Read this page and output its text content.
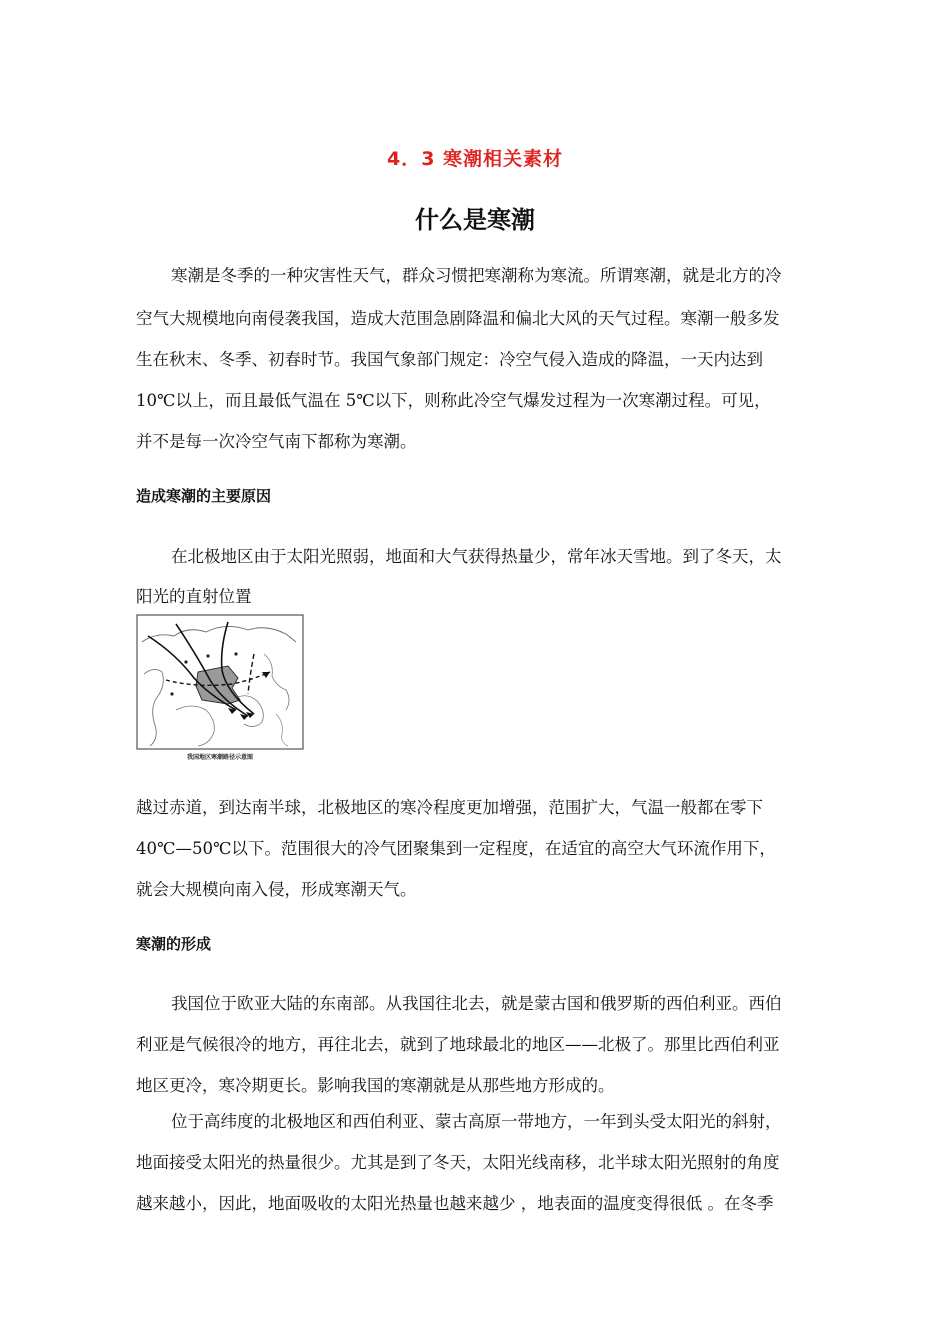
4．3 寒潮相关素材
什么是寒潮
寒潮是冬季的一种灾害性天气，群众习惯把寒潮称为寒流。所谓寒潮，就是北方的冷
空气大规模地向南侵袭我国，造成大范围急剧降温和偏北大风的天气过程。寒潮一般多发
生在秋末、冬季、初春时节。我国气象部门规定：冷空气侵入造成的降温，一天内达到
10℃以上，而且最低气温在 5℃以下，则称此冷空气爆发过程为一次寒潮过程。可见，
并不是每一次冷空气南下都称为寒潮。
造成寒潮的主要原因
在北极地区由于太阳光照弱，地面和大气获得热量少，常年冰天雪地。到了冬天，太
阳光的直射位置
我国地区寒潮路径示意图
越过赤道，到达南半球，北极地区的寒冷程度更加增强，范围扩大，气温一般都在零下
40℃—50℃以下。范围很大的冷气团聚集到一定程度，在适宜的高空大气环流作用下，
就会大规模向南入侵，形成寒潮天气。
寒潮的形成
我国位于欧亚大陆的东南部。从我国往北去，就是蒙古国和俄罗斯的西伯利亚。西伯
利亚是气候很冷的地方，再往北去，就到了地球最北的地区——北极了。那里比西伯利亚
地区更冷，寒冷期更长。影响我国的寒潮就是从那些地方形成的。
位于高纬度的北极地区和西伯利亚、蒙古高原一带地方，一年到头受太阳光的斜射，
地面接受太阳光的热量很少。尤其是到了冬天，太阳光线南移，北半球太阳光照射的角度
越来越小，因此，地面吸收的太阳光热量也越来越少 ，地表面的温度变得很低 。在冬季
